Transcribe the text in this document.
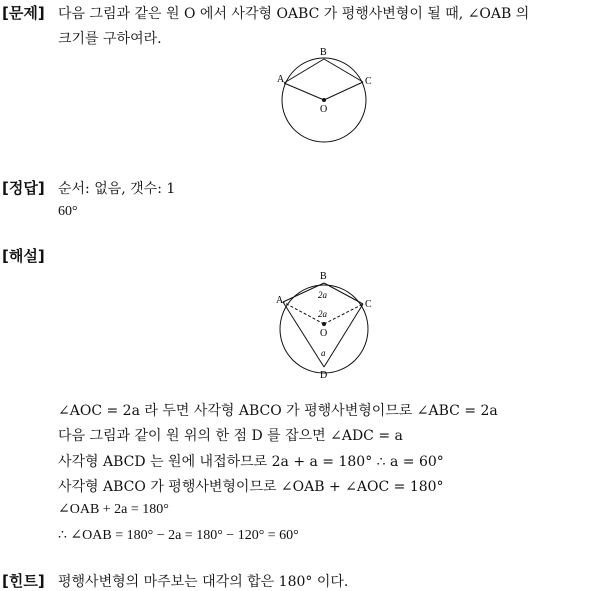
[문제] 다음 그림과 같은 원 O 에서 사각형 OABC 가 평행사변형이 될 때, ∠OAB 의
크기를 구하여라.
A
B
C
O
[정답] 순서: 없음, 갯수: 1
60°
[해설]
A
B
C
O
D
2a
2a
a
∠AOC = 2a 라 두면 사각형 ABCO 가 평행사변형이므로 ∠ABC = 2a
다음 그림과 같이 원 위의 한 점 D 를 잡으면 ∠ADC = a
사각형 ABCD 는 원에 내접하므로 2a + a = 180° ∴ a = 60°
사각형 ABCO 가 평행사변형이므로 ∠OAB + ∠AOC = 180°
∠OAB + 2a = 180°
∴ ∠OAB = 180° − 2a = 180° − 120° = 60°
[힌트] 평행사변형의 마주보는 대각의 합은 180° 이다.
